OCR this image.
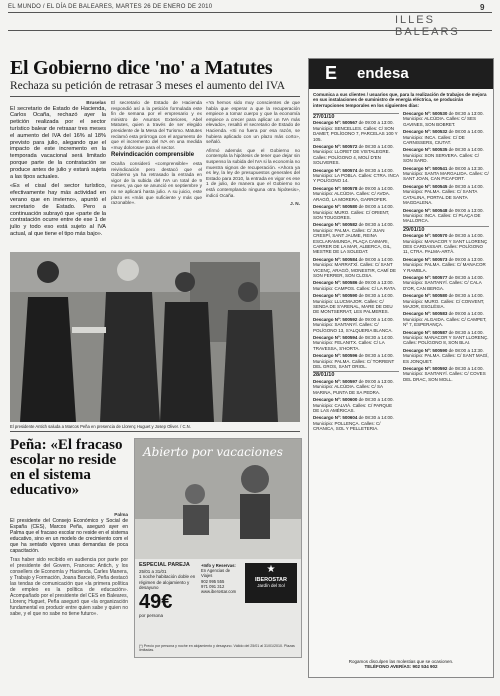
EL MUNDO / EL DÍA DE BALEARES, MARTES 26 DE ENERO DE 2010	9
ILLES BALEARS
El Gobierno dice 'no' a Matutes
Rechaza su petición de retrasar 3 meses el aumento del IVA
Bruselas
El secretario de Estado de Hacienda, Carlos Ocaña, rechazó ayer la petición realizada por el sector turístico balear de retrasar tres meses el aumento del IVA del 16% al 18% previsto para julio, alegando que el impacto de este incremento en la temporada vacacional será limitado porque parte de la contratación se produce antes de julio y estará sujeta a las tipos actuales.
«Es el cisal del sector turístico, efectivamente hay más actividad en verano que en invierno», apuntó el secretario de Estado. Pero a continuación subrayó que «parte de la contratación ocurre entre de ese 1 de julio y todo eso está sujeto al IVA actual, al que tiene el tipo más bajo».

El secretario de Estado de Hacienda respondió así a la petición formulada este fin de semana por el empresario y ex ministro de Asuntos Exteriores, Abel Matutes, quien a través de ser elegido presidente de la Mesa del Turismo. Matutes reclamó esta prórroga con el argumento de que el incremento del IVA en una medida «muy dolorosa» para el sector.

Reivindicación comprensible

Ocaña consideró «comprensible» esta reivindicación pero destacó que el Gobierno ya ha retrasado la entrada en vigor de la subida del IVA un total de 9 meses, ya que se anunció en septiembre y no se aplicará hasta julio. A su juicio, este plazo es «más que suficiente y más que razonable».

«Ya hemos sido muy conscientes de que había que esperar a que la recuperación empiece a tomar cuerpo y que la economía empiece a crecer para aplicar un IVA más elevado», resaltó el secretario de Estado de Hacienda. «Si no fuera por esa razón, se hubiera aplicado con un plazo más corto», señaló.

Afirmó además que el Gobierno no contempla la hipótesis de tener que dejar sin suspenso la subida del IVA si la economía no muestra signos de recuperación. «Ahora ya es ley, la ley de presupuestos generales del Estado para 2010, la entrada en vigor es ese 1 de julio, de manera que el Gobierno no está contemplando ninguna otra hipótesis», indicó Ocaña.

J. N.
El presidente Antich saluda a Marcos Peña en presencia de Llorenç Huguet y Josep Oliver. / C.N.
Peña: «El fracaso escolar no reside en el sistema educativo»
Palma

El presidente del Consejo Económico y Social de España (CES), Marcos Peña, aseguró ayer en Palma que el fracaso escolar no reside en el sistema educativo, sino en un modelo de crecimiento com el que ha sentado vigores unas demandas de poca capacitación.

Tras haber sido recibido en audiencia por parte por el presidente del Govern, Francesc Antich, y los consellers de Economía y Hacienda, Carles Manera, y Trabajo y Formación, Joana Barceló, Peña destacó las tendas de comunicación que «la primera política de empleo es la política de educación». Acompañado por el presidente del CES en Baleares, Llorenç Huguet, Peña aseguró que «la organización fundamental es producir entre quien sabe y quien no sabe, y el que no sabe no tiene futuro».

Abierto por vacaciones
ESPECIAL PAREJA
25/01 a 31/01
1 noche habitación doble en régimen de alojamiento y desayuno
49€
por persona
+Info y Reservas:
En Agencias de Viajes
902 995 555
971 091 312
www.iberostar.com
★
IBEROSTAR
Jardín del Sol
(*) Precio por persona y noche en alojamiento y desayuno. Válido del 25/01 al 31/01/2010. Plazas limitadas.
E endesa
Comunica a sus clientes / usuarios que, para la realización de trabajos de mejora en sus instalaciones de suministro de energía eléctrica, se producirán interrupciones temporales en los siguientes días:
27/01/10
Descargo Nº: 500567 de 09:00 a 13:00. Municipio: SENCELLES. Calles: C/ SON DAMET, POLÍGONO 7, PARCELAS 100 Y 105.
Descargo Nº: 500572 de 08:30 a 14:00. Municipio: LLORET DE VISTALEGRE. Calles: POLÍGONO 4, MOLÍ D'EN SOLIVERES.
Descargo Nº: 500574 de 08:30 a 14:00. Municipio: LA POBLA. Calles: CTRA. INCA Y POLÍGONO 14.
Descargo Nº: 500578 de 09:00 a 14:00. Municipio: ALCÚDIA. Calles: C/ AVDA. ARAGÓ, LA MORERA, GARROFER.
Descargo Nº: 500580 de 08:00 a 14:00. Municipio: MURO. Calles: C/ ORIENT, SON TOUGORES.
Descargo Nº: 500582 de 08:30 a 14:00. Municipio: PALMA. Calles: C/ JUAN CRESPÍ, SANT JAUME, REINA ESCLARAMUNDA, PLAÇA CAIMARI, CARRER DE LA MAR, ALBERCA, GIL, MESTRE DE LA SOLEDAT.
Descargo Nº: 500584 de 08:00 a 14:00. Municipio: MARRATXÍ. Calles: C/ SANT VICENÇ, ARAGÓ, MONESTIR, CAMÍ DE SON FERRER, SON CLOSA.
Descargo Nº: 500586 de 09:00 a 13:00. Municipio: CAMPOS. Calles: C/ LA RATA.
Descargo Nº: 500590 de 08:30 a 14:00. Municipio: LLUCMAJOR. Calles: C/ SENDA DE S'ARENAL, MARE DE DEU DE MONTSERRAT, LES PALMERES.
Descargo Nº: 500592 de 09:00 a 14:00. Municipio: SANTANYÍ. Calles: C/ POLÍGONO 13, S'ALQUERIA BLANCA.
Descargo Nº: 500594 de 08:30 a 14:00. Municipio: FELANITX. Calles: C/ LA TRAVESSA, S'HORTA.
Descargo Nº: 500596 de 08:30 a 14:00. Municipio: PALMA. Calles: C/ TORRENT DEL GROS, SANT ORIOL.
28/01/10
Descargo Nº: 500597 de 09:00 a 13:00. Municipio: ALCÚDIA. Calles: C/ SA MARINA, PUNTA DE SA PEDRA.
Descargo Nº: 500600 de 08:30 a 14:00. Municipio: CALVIÀ. Calles: C/ PARQUE DE LAS AMÉRICAS.
Descargo Nº: 500604 de 08:30 a 14:00. Municipio: POLLENÇA. Calles: C/ CRANICA, SOL Y PELLETERIA.
Descargo Nº: 500530 de 08:30 a 13:00. Municipio: ALCÚDIA. Calles: C/ SES GAVINES, SON BOBRET.
Descargo Nº: 500532 de 08:00 a 14:00. Municipio: INCA. Calles: C/ DE CARNISSERS, CIUTAT.
Descargo Nº: 500535 de 08:30 a 14:00. Municipio: SON SERVERA. Calles: C/ SON SARD.
Descargo Nº: 500541 de 08:00 a 13:30. Municipio: SANTA MARGALIDA. Calles: C/ SANT JOAN, CAN PICAFORT.
Descargo Nº: 500545 de 08:30 a 14:00. Municipio: PALMA. Calles: C/ SANTA CATALINA, PORTAL DE SANTA MAGDALENA.
Descargo Nº: 500548 de 09:00 a 13:00. Municipio: INCA. Calles: C/ PLAÇA DE MALLORCA.
29/01/10
Descargo Nº: 500570 de 08:30 a 14:00. Municipio: MANACOR Y SANT LLORENÇ DES CARDASSAR. Calles: POLÍGONO 11, CTRA. PALMA-ARTÀ.
Descargo Nº: 500573 de 09:00 a 13:00. Municipio: PALMA. Calles: C/ MANACOR Y RAMBLA.
Descargo Nº: 500577 de 08:30 a 14:00. Municipio: SANTANYÍ. Calles: C/ CALA D'OR, CAN BERGA.
Descargo Nº: 500580 de 08:30 a 14:00. Municipio: MURO. Calles: C/ CONVENT, MAJOR, ESGLÉSIA.
Descargo Nº: 500583 de 09:00 a 14:00. Municipio: ALGAIDA. Calles: C/ CAMPET, Nº 7, ESPERANÇA.
Descargo Nº: 500587 de 08:30 a 14:00. Municipio: MANACOR Y SANT LLORENÇ. Calles: POLÍGONO 8, SON BLAI.
Descargo Nº: 500590 de 08:00 a 13:30. Municipio: PALMA. Calles: C/ SANT MAGÍ, ES JONQUET.
Descargo Nº: 500592 de 08:30 a 14:00. Municipio: SANTANYÍ. Calles: C/ COVES DEL DRAC, SON MOLL.
Rogamos disculpen las molestias que se ocasionen.
TELÉFONO AVERÍAS: 902 534 902
